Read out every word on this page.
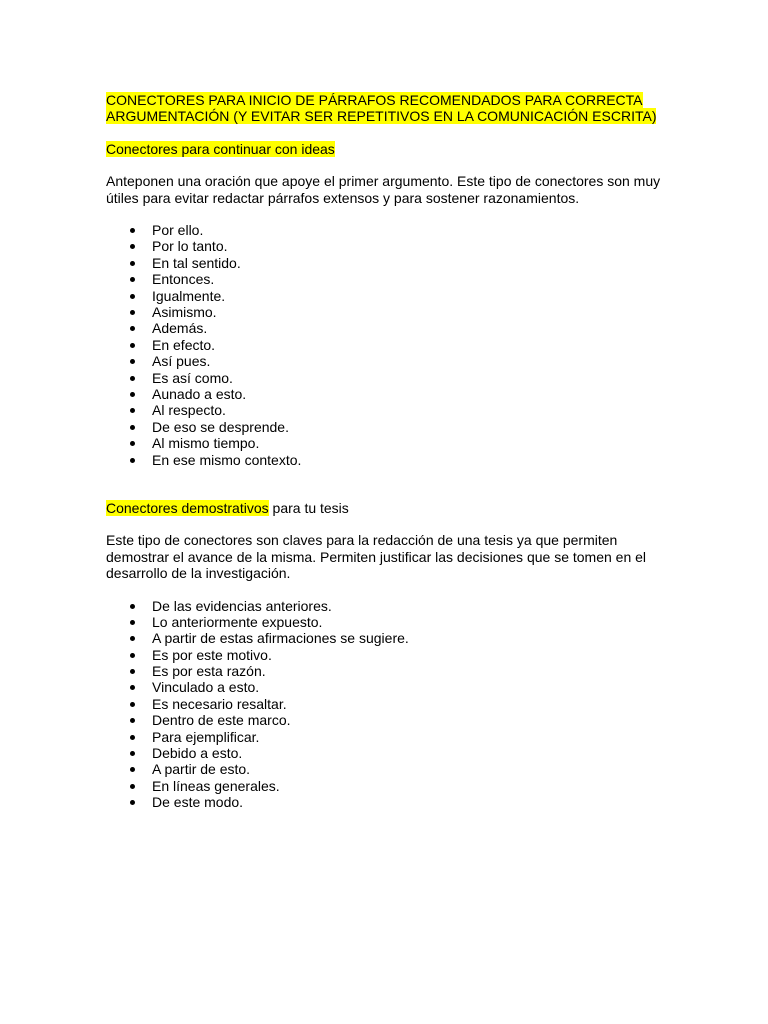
CONECTORES PARA INICIO DE PÁRRAFOS RECOMENDADOS PARA CORRECTA
ARGUMENTACIÓN (Y EVITAR SER REPETITIVOS EN LA COMUNICACIÓN ESCRITA)
Conectores para continuar con ideas

Anteponen una oración que apoye el primer argumento. Este tipo de conectores son muy
útiles para evitar redactar párrafos extensos y para sostener razonamientos.

Por ello.
Por lo tanto.
En tal sentido.
Entonces.
Igualmente.
Asimismo.
Además.
En efecto.
Así pues.
Es así como.
Aunado a esto.
Al respecto.
De eso se desprende.
Al mismo tiempo.
En ese mismo contexto.
Conectores demostrativos para tu tesis

Este tipo de conectores son claves para la redacción de una tesis ya que permiten
demostrar el avance de la misma. Permiten justificar las decisiones que se tomen en el
desarrollo de la investigación.

De las evidencias anteriores.
Lo anteriormente expuesto.
A partir de estas afirmaciones se sugiere.
Es por este motivo.
Es por esta razón.
Vinculado a esto.
Es necesario resaltar.
Dentro de este marco.
Para ejemplificar.
Debido a esto.
A partir de esto.
En líneas generales.
De este modo.
